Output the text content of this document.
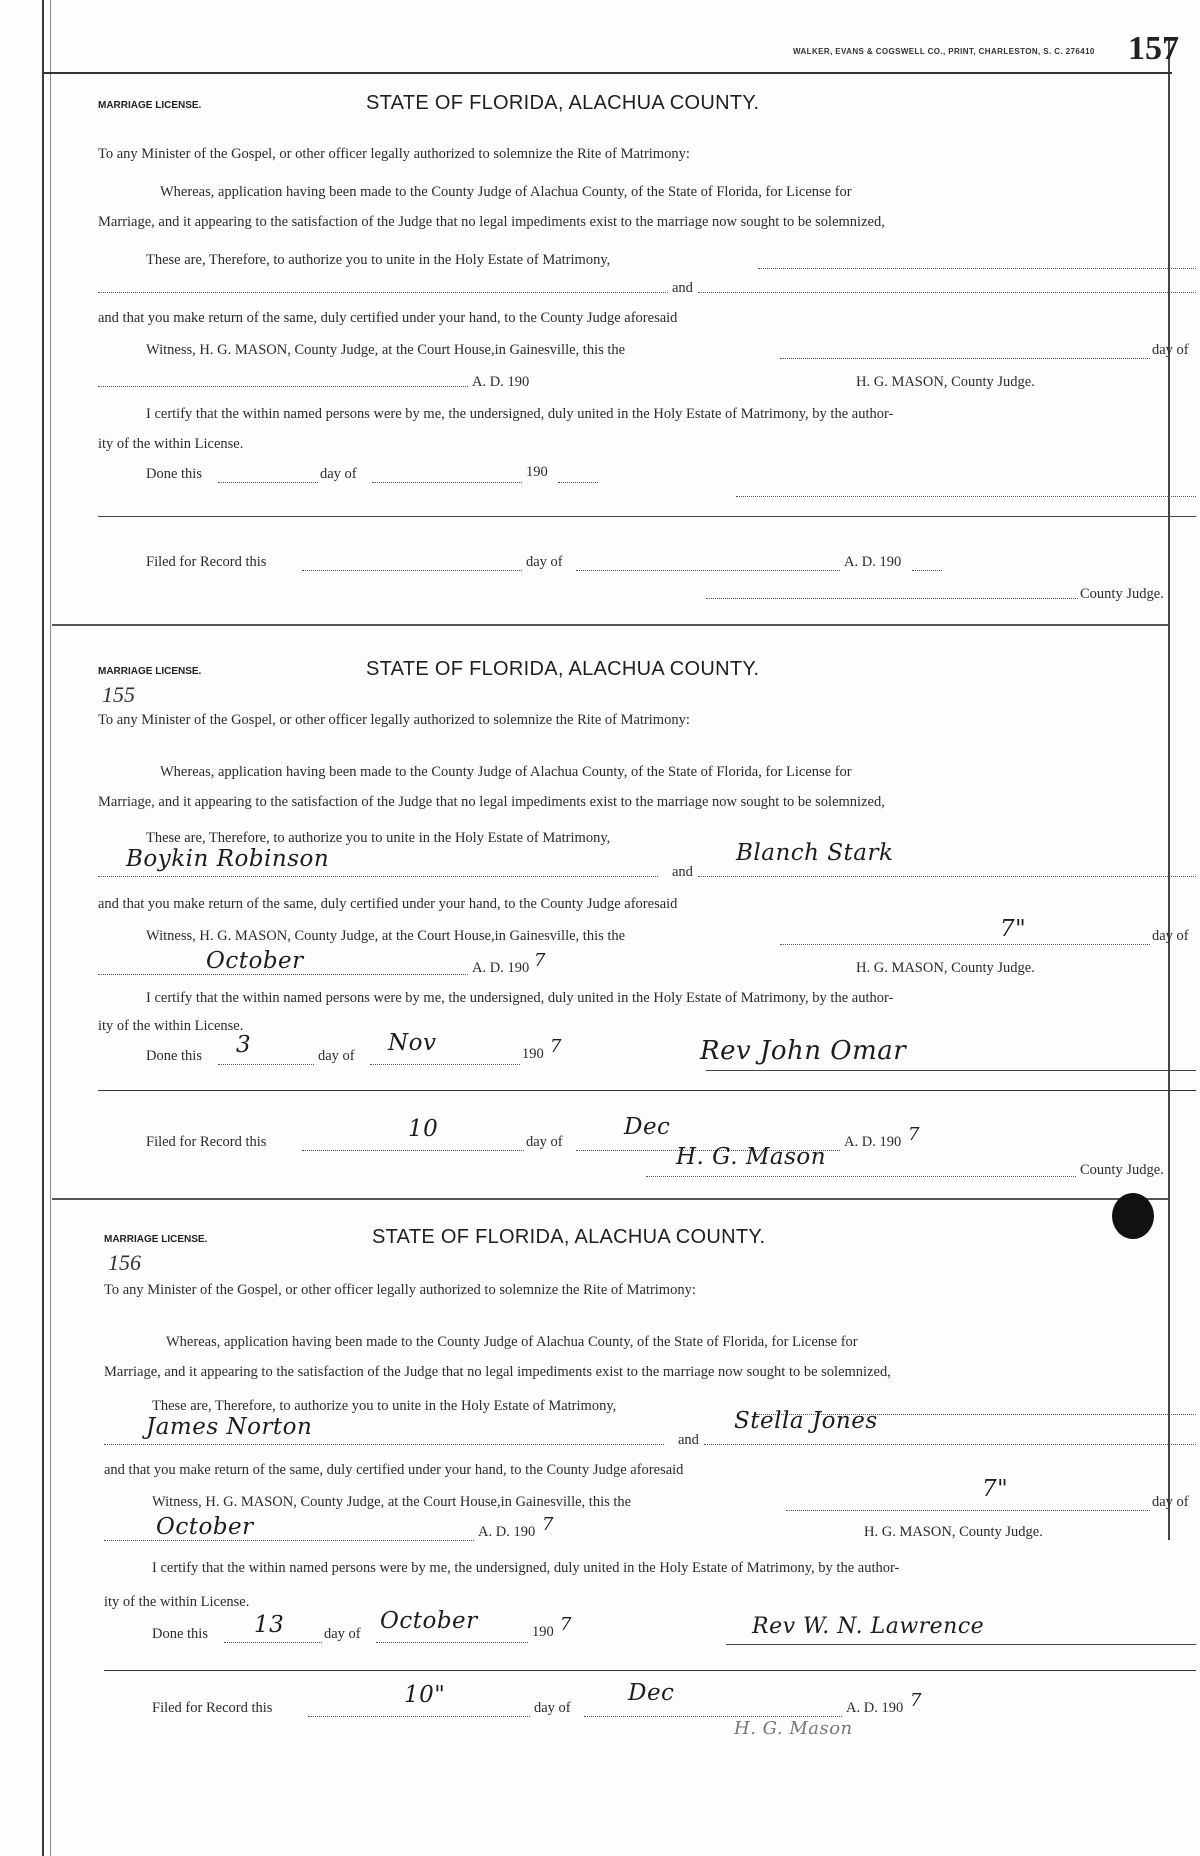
WALKER, EVANS & COGSWELL CO., PRINT, CHARLESTON, S. C. 276410 157
MARRIAGE LICENSE.	STATE OF FLORIDA, ALACHUA COUNTY.
To any Minister of the Gospel, or other officer legally authorized to solemnize the Rite of Matrimony:
Whereas, application having been made to the County Judge of Alachua County, of the State of Florida, for License for
Marriage, and it appearing to the satisfaction of the Judge that no legal impediments exist to the marriage now sought to be solemnized,
These are, Therefore, to authorize you to unite in the Holy Estate of Matrimony,
and
and that you make return of the same, duly certified under your hand, to the County Judge aforesaid
Witness, H. G. MASON, County Judge, at the Court House,in Gainesville, this the	day of
A. D. 190	H. G. MASON, County Judge.
I certify that the within named persons were by me, the undersigned, duly united in the Holy Estate of Matrimony, by the author-
ity of the within License.
Done this	day of	190
Filed for Record this	day of	A. D. 190
County Judge.
MARRIAGE LICENSE.	STATE OF FLORIDA, ALACHUA COUNTY.
155
To any Minister of the Gospel, or other officer legally authorized to solemnize the Rite of Matrimony:
Whereas, application having been made to the County Judge of Alachua County, of the State of Florida, for License for
Marriage, and it appearing to the satisfaction of the Judge that no legal impediments exist to the marriage now sought to be solemnized,
These are, Therefore, to authorize you to unite in the Holy Estate of Matrimony,
Boykin Robinson	and
Blanch Stark
and that you make return of the same, duly certified under your hand, to the County Judge aforesaid
Witness, H. G. MASON, County Judge, at the Court House,in Gainesville, this the	7"	day of
October	A. D. 190 7	H. G. MASON, County Judge.
I certify that the within named persons were by me, the undersigned, duly united in the Holy Estate of Matrimony, by the author-
ity of the within License.
Done this 3	day of Nov	190 7	Rev John Omar
Filed for Record this	10	day of
Dec
A. D. 190 7
H. G. Mason	County Judge.
MARRIAGE LICENSE.	STATE OF FLORIDA, ALACHUA COUNTY.
156
To any Minister of the Gospel, or other officer legally authorized to solemnize the Rite of Matrimony:
Whereas, application having been made to the County Judge of Alachua County, of the State of Florida, for License for
Marriage, and it appearing to the satisfaction of the Judge that no legal impediments exist to the marriage now sought to be solemnized,
These are, Therefore, to authorize you to unite in the Holy Estate of Matrimony,
James Norton	and
Stella Jones
and that you make return of the same, duly certified under your hand, to the County Judge aforesaid
Witness, H. G. MASON, County Judge, at the Court House,in Gainesville, this the	7"	day of
October	A. D. 190 7	H. G. MASON, County Judge.
I certify that the within named persons were by me, the undersigned, duly united in the Holy Estate of Matrimony, by the author-
ity of the within License.
Done this 13	day of October	190 7	Rev W. N. Lawrence
Filed for Record this	10"	day of
Dec
A. D. 190 7
H. G. Mason
